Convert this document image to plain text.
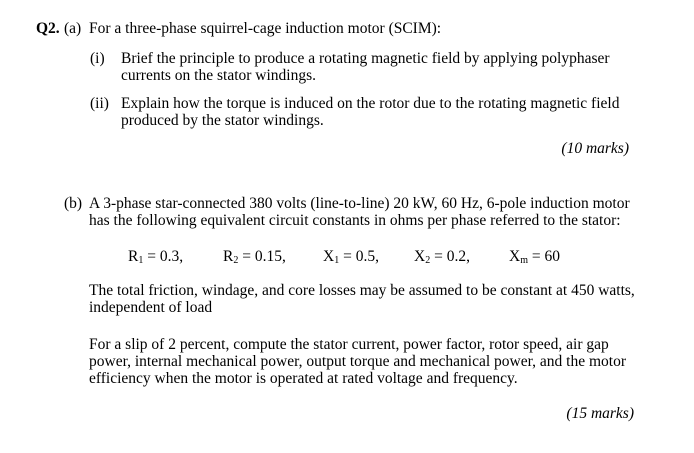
Q2. (a) For a three-phase squirrel-cage induction motor (SCIM):
(i) Brief the principle to produce a rotating magnetic field by applying polyphaser
currents on the stator windings.
(ii) Explain how the torque is induced on the rotor due to the rotating magnetic field
produced by the stator windings.
(10 marks)
(b) A 3-phase star-connected 380 volts (line-to-line) 20 kW, 60 Hz, 6-pole induction motor
has the following equivalent circuit constants in ohms per phase referred to the stator:
$R_1 = 0.3$,	$R_2 = 0.15$, $X_1 = 0.5$, $X_2 = 0.2$,	$X_m = 60$
The total friction, windage, and core losses may be assumed to be constant at 450 watts,
independent of load
For a slip of 2 percent, compute the stator current, power factor, rotor speed, air gap
power, internal mechanical power, output torque and mechanical power, and the motor
efficiency when the motor is operated at rated voltage and frequency.
(15 marks)
